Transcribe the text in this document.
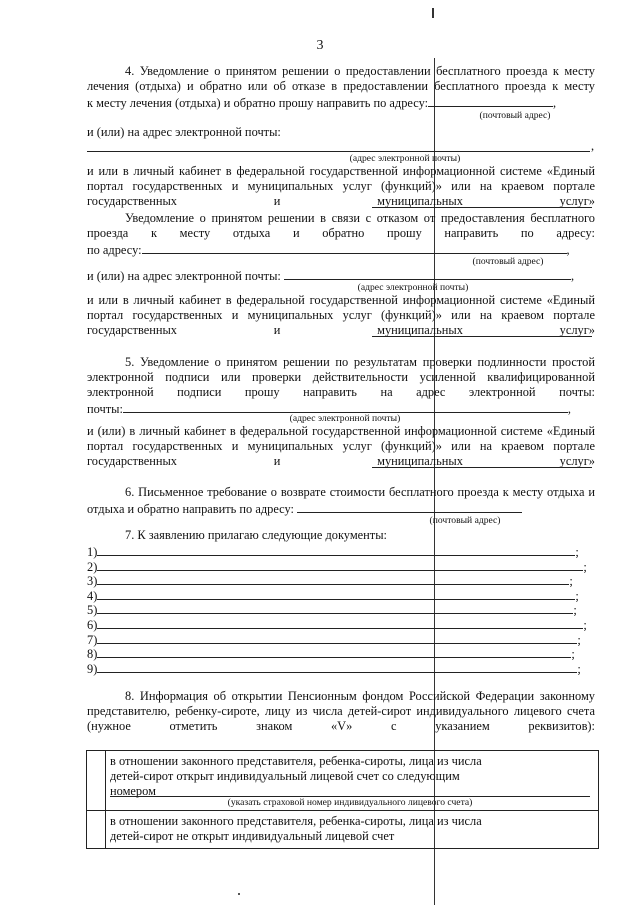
3
4. Уведомление о принятом решении о предоставлении бесплатного проезда к месту лечения (отдыха) и обратно или об отказе в предоставлении бесплатного проезда к месту
к месту лечения (отдыха) и обратно прошу направить по адресу:	,
(почтовый адрес)
и (или) на адрес электронной почты:
,
(адрес электронной почты)
и или в личный кабинет в федеральной государственной информационной системе «Единый портал государственных и муниципальных услуг (функций)» или на краевом портале государственных и муниципальных услуг»
Уведомление о принятом решении в связи с отказом от предоставления бесплатного проезда к месту отдыха и обратно прошу направить по адресу:
по адресу:	,
(почтовый адрес)
и (или) на адрес электронной почты:	,
(адрес электронной почты)
и или в личный кабинет в федеральной государственной информационной системе «Единый портал государственных и муниципальных услуг (функций)» или на краевом портале государственных и муниципальных услуг»
5. Уведомление о принятом решении по результатам проверки подлинности простой электронной подписи или проверки действительности усиленной квалифицированной электронной подписи прошу направить на адрес электронной почты:
почты:	,
(адрес электронной почты)
и (или) в личный кабинет в федеральной государственной информационной системе «Единый портал государственных и муниципальных услуг (функций)» или на краевом портале государственных и муниципальных услуг»
6. Письменное требование о возврате стоимости бесплатного проезда к месту отдыха и
отдыха и обратно направить по адресу:
(почтовый адрес)
7. К заявлению прилагаю следующие документы:
1)	;
2)	;
3)	;
4)	;
5)	;
6)	;
7)	;
8)	;
9)	;
8. Информация об открытии Пенсионным фондом Российской Федерации законному представителю, ребенку-сироте, лицу из числа детей-сирот индивидуального лицевого счета (нужное отметить знаком «V» с указанием реквизитов):

	в отношении законного представителя, ребенка-сироты, лица из числа детей-сирот открыт индивидуальный лицевой счет со следующим номером
(указать страховой номер индивидуального лицевого счета)

	в отношении законного представителя, ребенка-сироты, лица из числа детей-сирот не открыт индивидуальный лицевой счет
